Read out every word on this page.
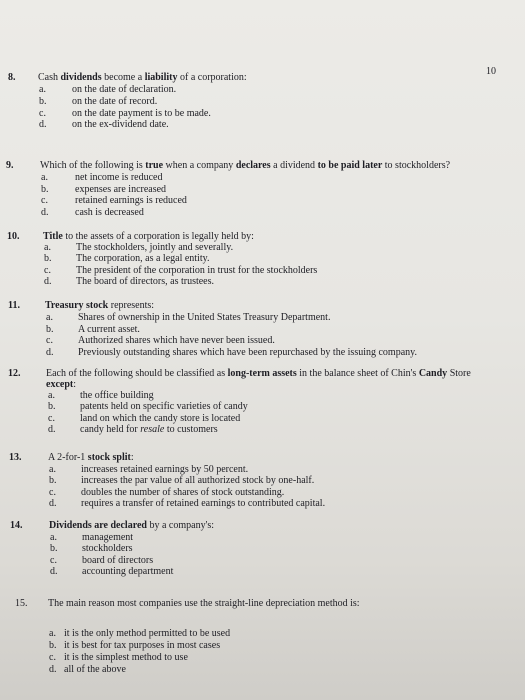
10
8. Cash dividends become a liability of a corporation:
a.	on the date of declaration.
b.	on the date of record.
c.	on the date payment is to be made.
d.	on the ex-dividend date.
9.	Which of the following is true when a company declares a dividend to be paid later to stockholders?
a.	net income is reduced
b.	expenses are increased
c.	retained earnings is reduced
d.	cash is decreased
10. Title to the assets of a corporation is legally held by:
a.	The stockholders, jointly and severally.
b. The corporation, as a legal entity.
c.	The president of the corporation in trust for the stockholders
d. The board of directors, as trustees.
11.	Treasury stock represents:
a.	Shares of ownership in the United States Treasury Department.
b. A current asset.
c.	Authorized shares which have never been issued.
d. Previously outstanding shares which have been repurchased by the issuing company.
12.	Each of the following should be classified as long-term assets in the balance sheet of Chin's Candy Store
except:
a.	the office building
b. patents held on specific varieties of candy
c.	land on which the candy store is located
d. candy held for resale to customers
13.	A 2-for-1 stock split:
a.	increases retained earnings by 50 percent.
b. increases the par value of all authorized stock by one-half.
c.	doubles the number of shares of stock outstanding.
d. requires a transfer of retained earnings to contributed capital.
14.	Dividends are declared by a company's:
a.	management
b. stockholders
c.	board of directors
d. accounting department
15. The main reason most companies use the straight-line depreciation method is:
a. it is the only method permitted to be used
b. it is best for tax purposes in most cases
c. it is the simplest method to use
d. all of the above
